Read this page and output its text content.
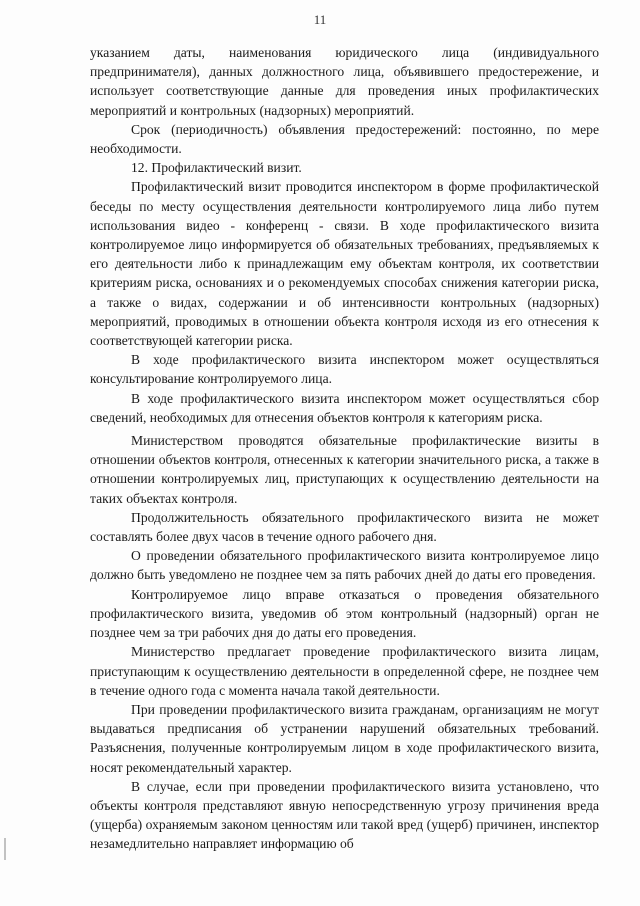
11

указанием даты, наименования юридического лица (индивидуального предпринимателя), данных должностного лица, объявившего предостережение, и использует соответствующие данные для проведения иных профилактических мероприятий и контрольных (надзорных) мероприятий.

Срок (периодичность) объявления предостережений: постоянно, по мере необходимости.

12. Профилактический визит.

Профилактический визит проводится инспектором в форме профилактической беседы по месту осуществления деятельности контролируемого лица либо путем использования видео - конференц - связи. В ходе профилактического визита контролируемое лицо информируется об обязательных требованиях, предъявляемых к его деятельности либо к принадлежащим ему объектам контроля, их соответствии критериям риска, основаниях и о рекомендуемых способах снижения категории риска, а также о видах, содержании и об интенсивности контрольных (надзорных) мероприятий, проводимых в отношении объекта контроля исходя из его отнесения к соответствующей категории риска.

В ходе профилактического визита инспектором может осуществляться консультирование контролируемого лица.

В ходе профилактического визита инспектором может осуществляться сбор сведений, необходимых для отнесения объектов контроля к категориям риска.

Министерством проводятся обязательные профилактические визиты в отношении объектов контроля, отнесенных к категории значительного риска, а также в отношении контролируемых лиц, приступающих к осуществлению деятельности на таких объектах контроля.

Продолжительность обязательного профилактического визита не может составлять более двух часов в течение одного рабочего дня.

О проведении обязательного профилактического визита контролируемое лицо должно быть уведомлено не позднее чем за пять рабочих дней до даты его проведения.

Контролируемое лицо вправе отказаться о проведения обязательного профилактического визита, уведомив об этом контрольный (надзорный) орган не позднее чем за три рабочих дня до даты его проведения.

Министерство предлагает проведение профилактического визита лицам, приступающим к осуществлению деятельности в определенной сфере, не позднее чем в течение одного года с момента начала такой деятельности.

При проведении профилактического визита гражданам, организациям не могут выдаваться предписания об устранении нарушений обязательных требований. Разъяснения, полученные контролируемым лицом в ходе профилактического визита, носят рекомендательный характер.

В случае, если при проведении профилактического визита установлено, что объекты контроля представляют явную непосредственную угрозу причинения вреда (ущерба) охраняемым законом ценностям или такой вред (ущерб) причинен, инспектор незамедлительно направляет информацию об
